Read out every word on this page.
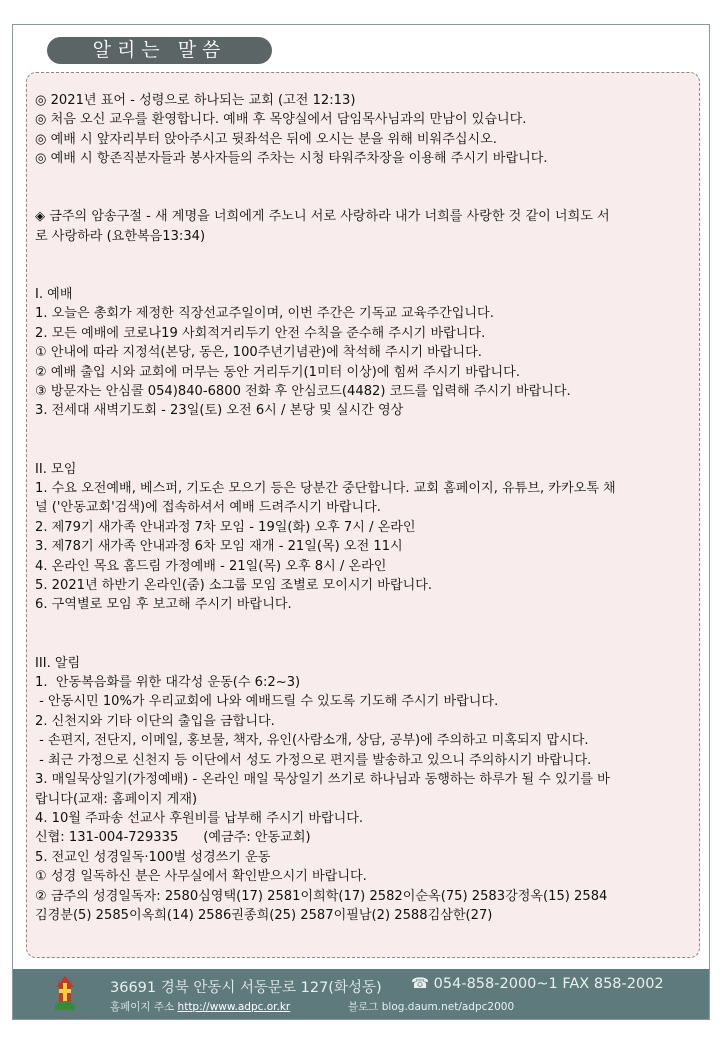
알리는 말씀
◎ 2021년 표어 - 성령으로 하나되는 교회 (고전 12:13)
◎ 처음 오신 교우를 환영합니다. 예배 후 목양실에서 담임목사님과의 만남이 있습니다.
◎ 예배 시 앞자리부터 앉아주시고 뒷좌석은 뒤에 오시는 분을 위해 비워주십시오.
◎ 예배 시 항존직분자들과 봉사자들의 주차는 시청 타워주차장을 이용해 주시기 바랍니다.
◈ 금주의 암송구절 - 새 계명을 너희에게 주노니 서로 사랑하라 내가 너희를 사랑한 것 같이 너희도 서
로 사랑하라 (요한복음13:34)
I. 예배
1. 오늘은 총회가 제정한 직장선교주일이며, 이번 주간은 기독교 교육주간입니다.
2. 모든 예배에 코로나19 사회적거리두기 안전 수칙을 준수해 주시기 바랍니다.
① 안내에 따라 지정석(본당, 동은, 100주년기념관)에 착석해 주시기 바랍니다.
② 예배 출입 시와 교회에 머무는 동안 거리두기(1미터 이상)에 힘써 주시기 바랍니다.
③ 방문자는 안심콜 054)840-6800 전화 후 안심코드(4482) 코드를 입력해 주시기 바랍니다.
3. 전세대 새벽기도회 - 23일(토) 오전 6시 / 본당 및 실시간 영상
II. 모임
1. 수요 오전예배, 베스퍼, 기도손 모으기 등은 당분간 중단합니다. 교회 홈페이지, 유튜브, 카카오톡 채
널 ('안동교회'검색)에 접속하셔서 예배 드려주시기 바랍니다.
2. 제79기 새가족 안내과정 7차 모임 - 19일(화) 오후 7시 / 온라인
3. 제78기 새가족 안내과정 6차 모임 재개 - 21일(목) 오전 11시
4. 온라인 목요 홈드림 가정예배 - 21일(목) 오후 8시 / 온라인
5. 2021년 하반기 온라인(줌) 소그룹 모임 조별로 모이시기 바랍니다.
6. 구역별로 모임 후 보고해 주시기 바랍니다.
III. 알림
1.  안동복음화를 위한 대각성 운동(수 6:2~3)
- 안동시민 10%가 우리교회에 나와 예배드릴 수 있도록 기도해 주시기 바랍니다.
2. 신천지와 기타 이단의 출입을 금합니다.
- 손편지, 전단지, 이메일, 홍보물, 책자, 유인(사람소개, 상담, 공부)에 주의하고 미혹되지 맙시다.
- 최근 가정으로 신천지 등 이단에서 성도 가정으로 편지를 발송하고 있으니 주의하시기 바랍니다.
3. 매일묵상일기(가정예배) - 온라인 매일 묵상일기 쓰기로 하나님과 동행하는 하루가 될 수 있기를 바
랍니다(교재: 홈페이지 게재)
4. 10월 주파송 선교사 후원비를 납부해 주시기 바랍니다.
신협: 131-004-729335      (예금주: 안동교회)
5. 전교인 성경일독·100벌 성경쓰기 운동
① 성경 일독하신 분은 사무실에서 확인받으시기 바랍니다.
② 금주의 성경일독자: 2580심영택(17) 2581이희학(17) 2582이순옥(75) 2583강정옥(15) 2584
김경분(5) 2585이옥희(14) 2586권종희(25) 2587이필남(2) 2588김삼한(27)
36691 경북 안동시 서동문로 127(화성동) ☎ 054-858-2000~1 FAX 858-2002
홈페이지 주소 http://www.adpc.or.kr	블로그 blog.daum.net/adpc2000
